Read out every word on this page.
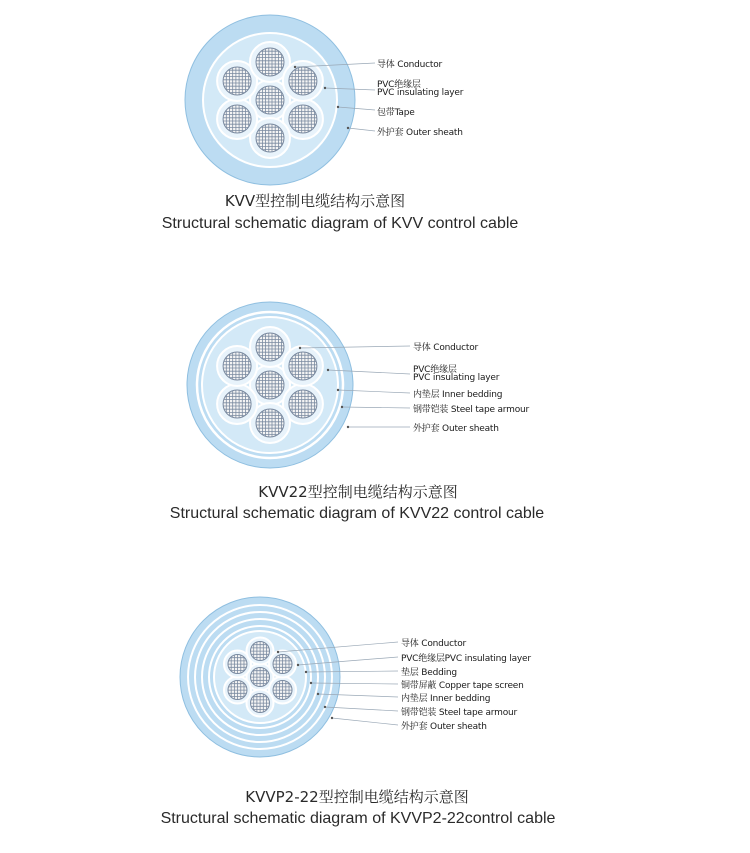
导体 Conductor
PVC绝缘层
PVC insulating layer
包带Tape
外护套 Outer sheath
KVV型控制电缆结构示意图
Structural schematic diagram of KVV control cable
导体 Conductor
PVC绝缘层
PVC insulating layer
内垫层 Inner bedding
钢带铠装 Steel tape armour
外护套 Outer sheath
KVV22型控制电缆结构示意图
Structural schematic diagram of KVV22 control cable
导体 Conductor
PVC绝缘层PVC insulating layer
垫层 Bedding
铜带屏蔽 Copper tape screen
内垫层 Inner bedding
钢带铠装 Steel tape armour
外护套 Outer sheath
KVVP2-22型控制电缆结构示意图
Structural schematic diagram of KVVP2-22control cable
